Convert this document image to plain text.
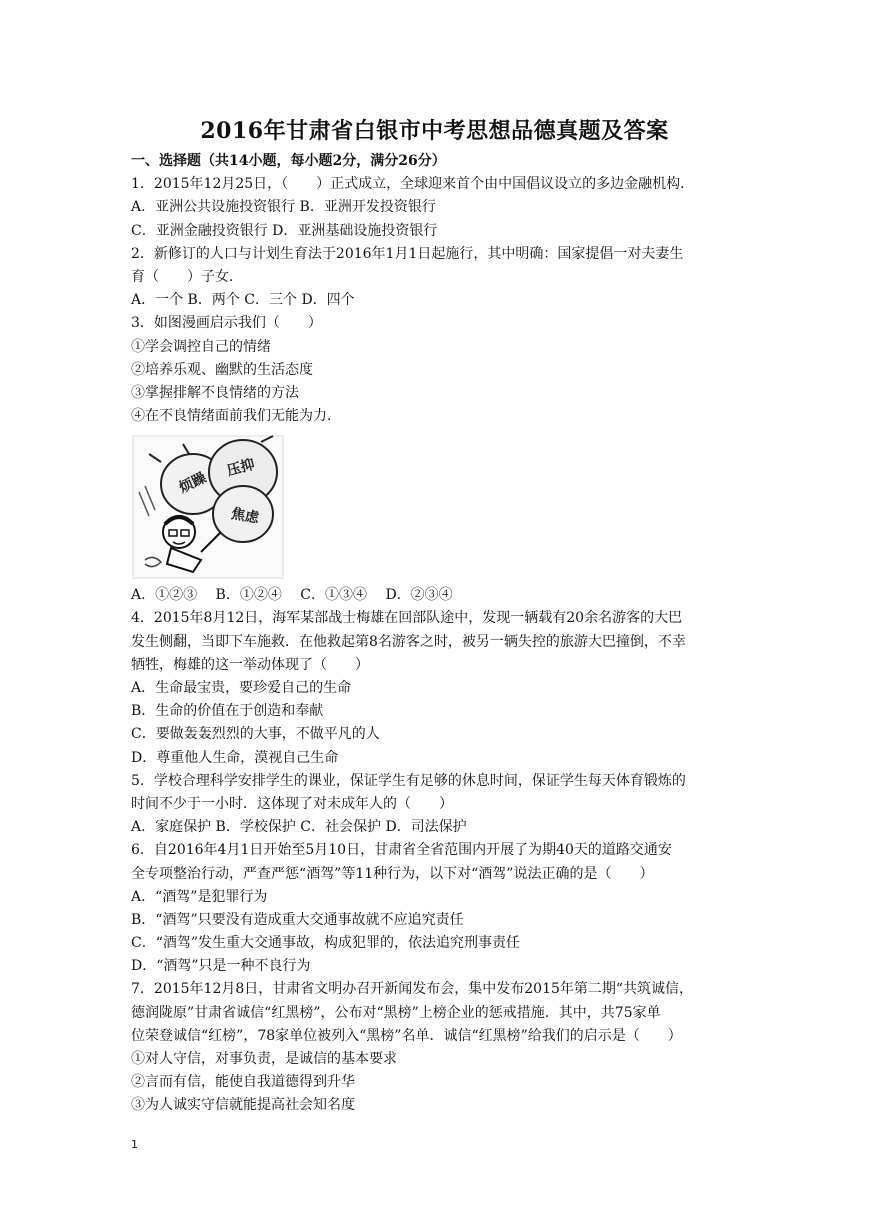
2016年甘肃省白银市中考思想品德真题及答案
一、选择题（共14小题，每小题2分，满分26分）
1．2015年12月25日，（　　）正式成立，全球迎来首个由中国倡议设立的多边金融机构．
A．亚洲公共设施投资银行 B．亚洲开发投资银行
C．亚洲金融投资银行 D．亚洲基础设施投资银行
2．新修订的人口与计划生育法于2016年1月1日起施行，其中明确：国家提倡一对夫妻生
育（　　）子女．
A．一个 B．两个 C．三个 D．四个
3．如图漫画启示我们（　　）
①学会调控自己的情绪
②培养乐观、幽默的生活态度
③掌握排解不良情绪的方法
④在不良情绪面前我们无能为力．
烦躁
压抑
焦虑
A．①②③　 B．①②④　 C．①③④　 D．②③④
4．2015年8月12日，海军某部战士梅雄在回部队途中，发现一辆载有20余名游客的大巴
发生侧翻，当即下车施救．在他救起第8名游客之时，被另一辆失控的旅游大巴撞倒，不幸
牺牲，梅雄的这一举动体现了（　　）
A．生命最宝贵，要珍爱自己的生命
B．生命的价值在于创造和奉献
C．要做轰轰烈烈的大事，不做平凡的人
D．尊重他人生命，漠视自己生命
5．学校合理科学安排学生的课业，保证学生有足够的休息时间，保证学生每天体育锻炼的
时间不少于一小时．这体现了对未成年人的（　　）
A．家庭保护 B．学校保护 C．社会保护 D．司法保护
6．自2016年4月1日开始至5月10日，甘肃省全省范围内开展了为期40天的道路交通安
全专项整治行动，严查严惩“酒驾”等11种行为，以下对“酒驾”说法正确的是（　　）
A．“酒驾”是犯罪行为
B．“酒驾”只要没有造成重大交通事故就不应追究责任
C．“酒驾”发生重大交通事故，构成犯罪的，依法追究刑事责任
D．“酒驾”只是一种不良行为
7．2015年12月8日，甘肃省文明办召开新闻发布会，集中发布2015年第二期“共筑诚信，
德润陇原”甘肃省诚信“红黑榜”，公布对“黑榜”上榜企业的惩戒措施．其中，共75家单
位荣登诚信“红榜”，78家单位被列入“黑榜”名单．诚信“红黑榜”给我们的启示是（　　）
①对人守信，对事负责，是诚信的基本要求
②言而有信，能使自我道德得到升华
③为人诚实守信就能提高社会知名度
1
